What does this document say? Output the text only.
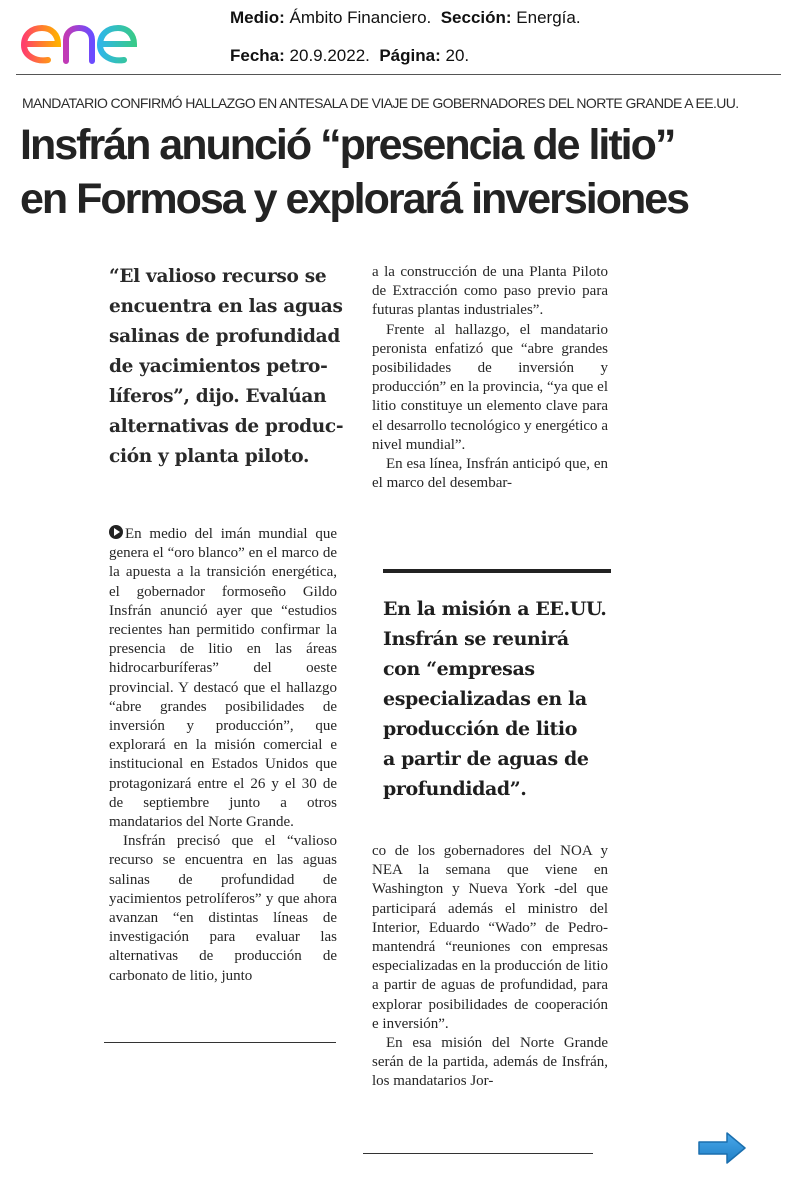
Medio: Ámbito Financiero. Sección: Energía.
Fecha: 20.9.2022. Página: 20.
MANDATARIO CONFIRMÓ HALLAZGO EN ANTESALA DE VIAJE DE GOBERNADORES DEL NORTE GRANDE A EE.UU.
Insfrán anunció “presencia de litio”
en Formosa y explorará inversiones
“El valioso recurso se
encuentra en las aguas
salinas de profundidad
de yacimientos petro-
líferos”, dijo. Evalúan
alternativas de produc-
ción y planta piloto.

En medio del imán mundial que genera el “oro blanco” en el marco de la apuesta a la transición energética, el gobernador formoseño Gildo Insfrán anunció ayer que “estudios recientes han permitido confirmar la presencia de litio en las áreas hidrocarburíferas” del oeste provincial. Y destacó que el hallazgo “abre grandes posibilidades de inversión y producción”, que explorará en la misión comercial e institucional en Estados Unidos que protagonizará entre el 26 y el 30 de de septiembre junto a otros mandatarios del Norte Grande.

Insfrán precisó que el “valioso recurso se encuentra en las aguas salinas de profundidad de yacimientos petrolíferos” y que ahora avanzan “en distintas líneas de investigación para evaluar las alternativas de producción de carbonato de litio, junto

a la construcción de una Planta Piloto de Extracción como paso previo para futuras plantas industriales”.

Frente al hallazgo, el mandatario peronista enfatizó que “abre grandes posibilidades de inversión y producción” en la provincia, “ya que el litio constituye un elemento clave para el desarrollo tecnológico y energético a nivel mundial”.

En esa línea, Insfrán anticipó que, en el marco del desembar-

En la misión a EE.UU.
Insfrán se reunirá
con “empresas
especializadas en la
producción de litio
a partir de aguas de
profundidad”.

co de los gobernadores del NOA y NEA la semana que viene en Washington y Nueva York -del que participará además el ministro del Interior, Eduardo “Wado” de Pedro- mantendrá “reuniones con empresas especializadas en la producción de litio a partir de aguas de profundidad, para explorar posibilidades de cooperación e inversión”.

En esa misión del Norte Grande serán de la partida, además de Insfrán, los mandatarios Jor-
